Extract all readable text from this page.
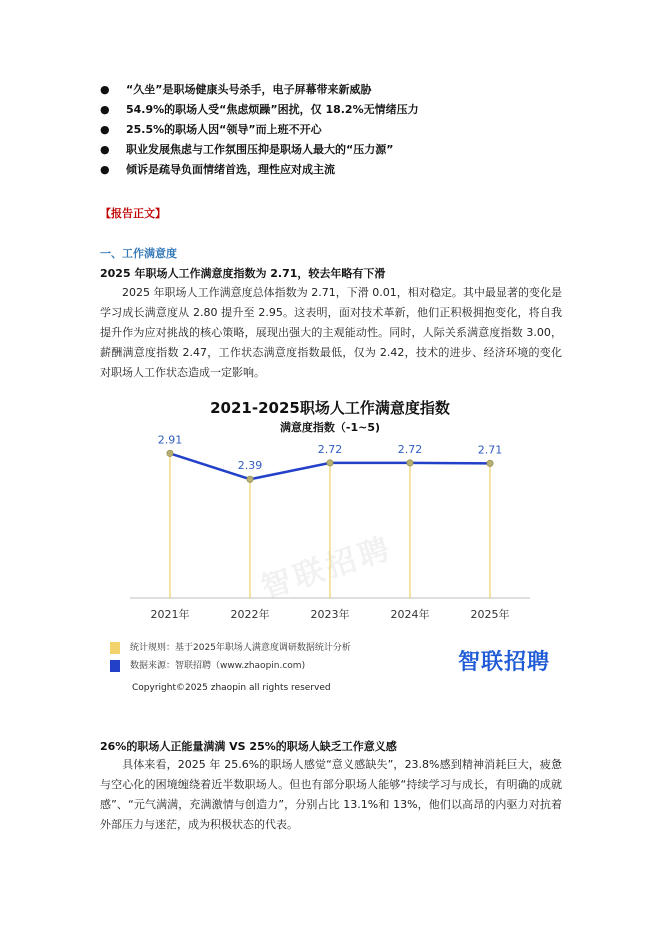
● “久坐”是职场健康头号杀手，电子屏幕带来新威胁
● 54.9%的职场人受“焦虑烦躁”困扰，仅 18.2%无情绪压力
● 25.5%的职场人因“领导”而上班不开心
● 职业发展焦虑与工作氛围压抑是职场人最大的“压力源”
● 倾诉是疏导负面情绪首选，理性应对成主流
【报告正文】
一、工作满意度
2025 年职场人工作满意度指数为 2.71，较去年略有下滑
2025 年职场人工作满意度总体指数为 2.71，下滑 0.01，相对稳定。其中最显著的变化是学习成长满意度从 2.80 提升至 2.95。这表明，面对技术革新，他们正积极拥抱变化，将自我提升作为应对挑战的核心策略，展现出强大的主观能动性。同时，人际关系满意度指数 3.00，薪酬满意度指数 2.47，工作状态满意度指数最低，仅为 2.42，技术的进步、经济环境的变化对职场人工作状态造成一定影响。
智联招聘
2021-2025职场人工作满意度指数
满意度指数（-1~5)
2.91
2.39
2.72	2.72	2.71
2021年	2022年	2023年	2024年	2025年
统计规则：基于2025年职场人满意度调研数据统计分析
数据来源：智联招聘（www.zhaopin.com)	智联招聘
Copyright©2025 zhaopin all rights reserved
26%的职场人正能量满满 VS 25%的职场人缺乏工作意义感
具体来看，2025 年 25.6%的职场人感觉“意义感缺失”，23.8%感到精神消耗巨大，疲惫与空心化的困境缠绕着近半数职场人。但也有部分职场人能够“持续学习与成长，有明确的成就感”、“元气满满，充满激情与创造力”，分别占比 13.1%和 13%，他们以高昂的内驱力对抗着外部压力与迷茫，成为积极状态的代表。
